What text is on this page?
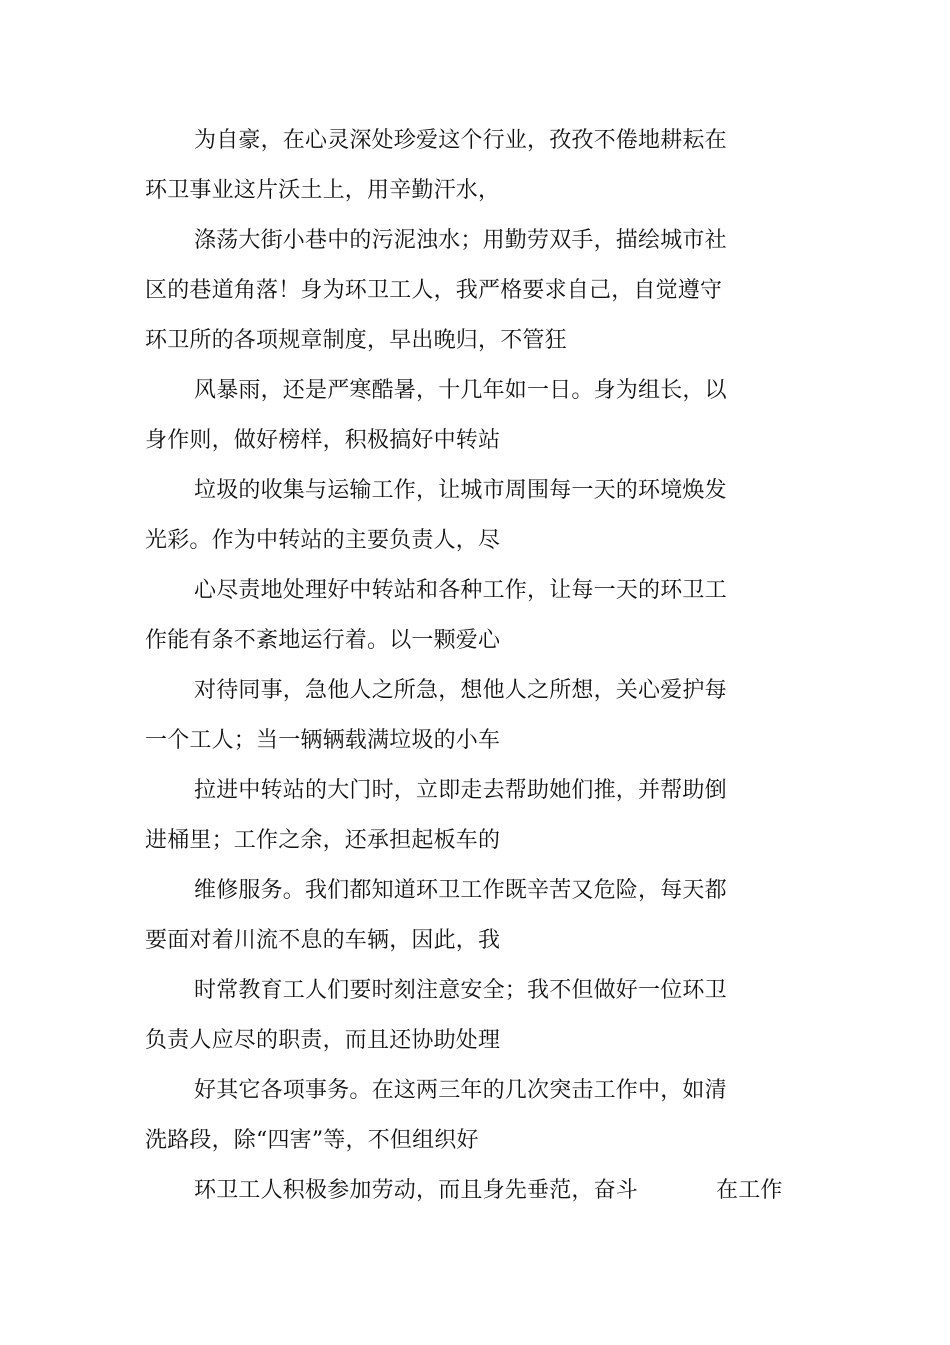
为自豪，在心灵深处珍爱这个行业，孜孜不倦地耕耘在
环卫事业这片沃土上，用辛勤汗水，
涤荡大街小巷中的污泥浊水；用勤劳双手，描绘城市社
区的巷道角落！身为环卫工人，我严格要求自己，自觉遵守
环卫所的各项规章制度，早出晚归，不管狂
风暴雨，还是严寒酷暑，十几年如一日。身为组长，以
身作则，做好榜样，积极搞好中转站
垃圾的收集与运输工作，让城市周围每一天的环境焕发
光彩。作为中转站的主要负责人，尽
心尽责地处理好中转站和各种工作，让每一天的环卫工
作能有条不紊地运行着。以一颗爱心
对待同事，急他人之所急，想他人之所想，关心爱护每
一个工人；当一辆辆载满垃圾的小车
拉进中转站的大门时，立即走去帮助她们推，并帮助倒
进桶里；工作之余，还承担起板车的
维修服务。我们都知道环卫工作既辛苦又危险，每天都
要面对着川流不息的车辆，因此，我
时常教育工人们要时刻注意安全；我不但做好一位环卫
负责人应尽的职责，而且还协助处理
好其它各项事务。在这两三年的几次突击工作中，如清
洗路段，除“四害”等，不但组织好
环卫工人积极参加劳动，而且身先垂范，奋斗	在工作
